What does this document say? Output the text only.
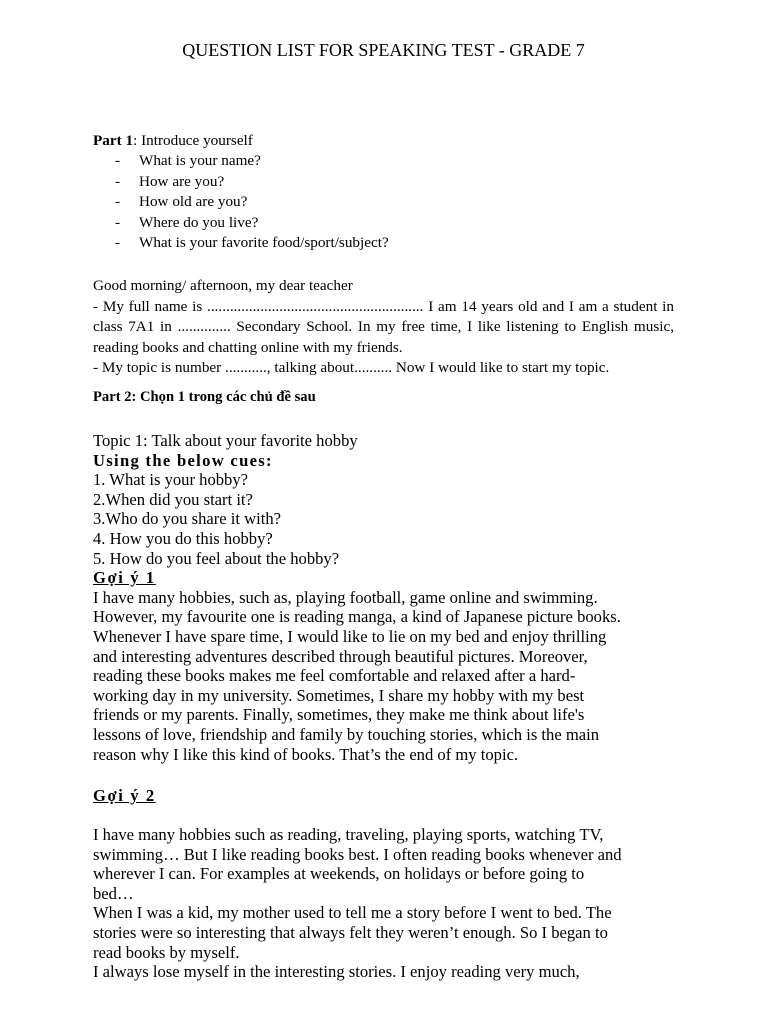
QUESTION LIST FOR SPEAKING TEST - GRADE 7
Part 1: Introduce yourself
- What is your name?
- How are you?
- How old are you?
- Where do you live?
- What is your favorite food/sport/subject?

Good morning/ afternoon, my dear teacher

- My full name is ......................................................... I am 14 years old and I am a student in class 7A1 in .............. Secondary School. In my free time, I like listening to English music, reading books and chatting online with my friends.

- My topic is number ..........., talking about.......... Now I would like to start my topic.

Part 2: Chọn 1 trong các chủ đề sau

Topic 1: Talk about your favorite hobby

Using the below cues:

1. What is your hobby?

2.When did you start it?

3.Who do you share it with?

4. How you do this hobby?

5. How do you feel about the hobby?

Gợi ý 1

I have many hobbies, such as, playing football, game online and swimming.

However, my favourite one is reading manga, a kind of Japanese picture books.

Whenever I have spare time, I would like to lie on my bed and enjoy thrilling

and interesting adventures described through beautiful pictures. Moreover,

reading these books makes me feel comfortable and relaxed after a hard-

working day in my university. Sometimes, I share my hobby with my best

friends or my parents. Finally, sometimes, they make me think about life's

lessons of love, friendship and family by touching stories, which is the main

reason why I like this kind of books. That’s the end of my topic.

Gợi ý 2

I have many hobbies such as reading, traveling, playing sports, watching TV,

swimming… But I like reading books best. I often reading books whenever and

wherever I can. For examples at weekends, on holidays or before going to

bed…

When I was a kid, my mother used to tell me a story before I went to bed. The

stories were so interesting that always felt they weren’t enough. So I began to

read books by myself.

I always lose myself in the interesting stories. I enjoy reading very much,
